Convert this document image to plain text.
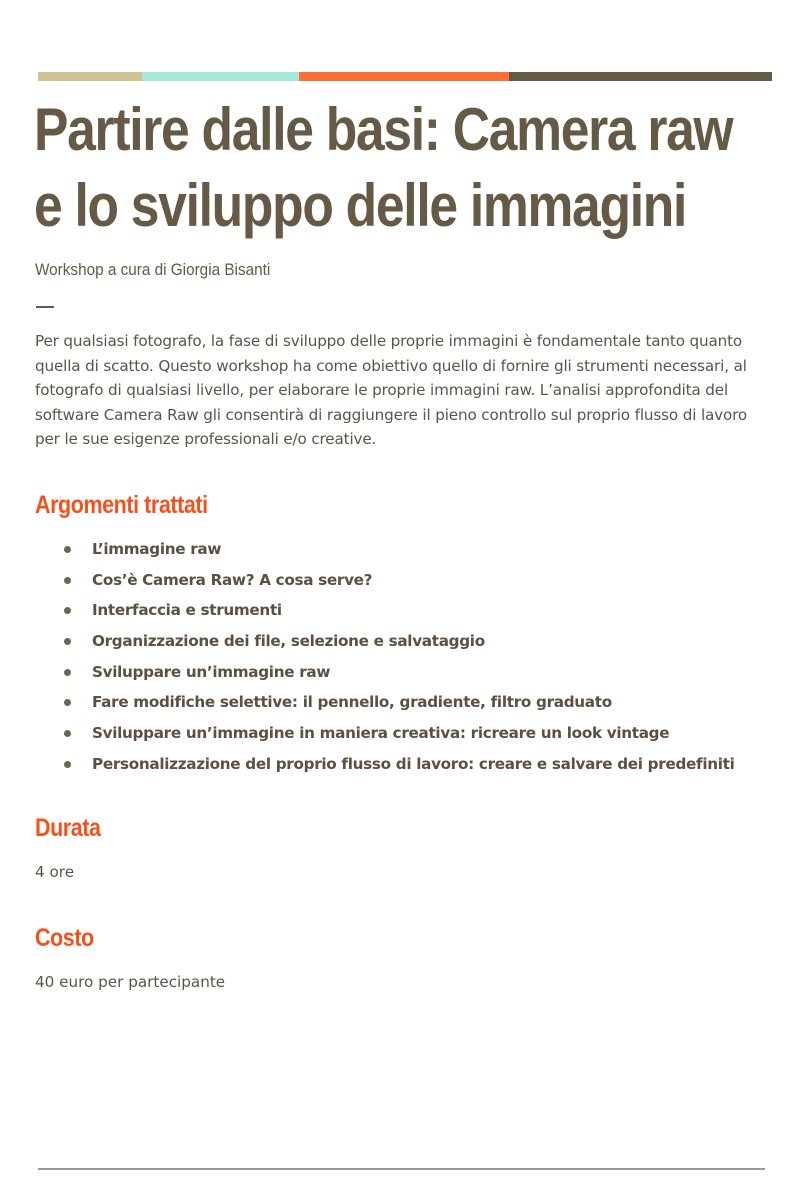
Partire dalle basi: Camera raw
e lo sviluppo delle immagini

Workshop a cura di Giorgia Bisanti

Per qualsiasi fotografo, la fase di sviluppo delle proprie immagini è fondamentale tanto quanto quella di scatto. Questo workshop ha come obiettivo quello di fornire gli strumenti necessari, al fotografo di qualsiasi livello, per elaborare le proprie immagini raw. L’analisi approfondita del software Camera Raw gli consentirà di raggiungere il pieno controllo sul proprio flusso di lavoro per le sue esigenze professionali e/o creative.

Argomenti trattati
L’immagine raw
Cos’è Camera Raw? A cosa serve?
Interfaccia e strumenti
Organizzazione dei file, selezione e salvataggio
Sviluppare un’immagine raw
Fare modifiche selettive: il pennello, gradiente, filtro graduato
Sviluppare un’immagine in maniera creativa: ricreare un look vintage
Personalizzazione del proprio flusso di lavoro: creare e salvare dei predefiniti
Durata

4 ore

Costo

40 euro per partecipante
